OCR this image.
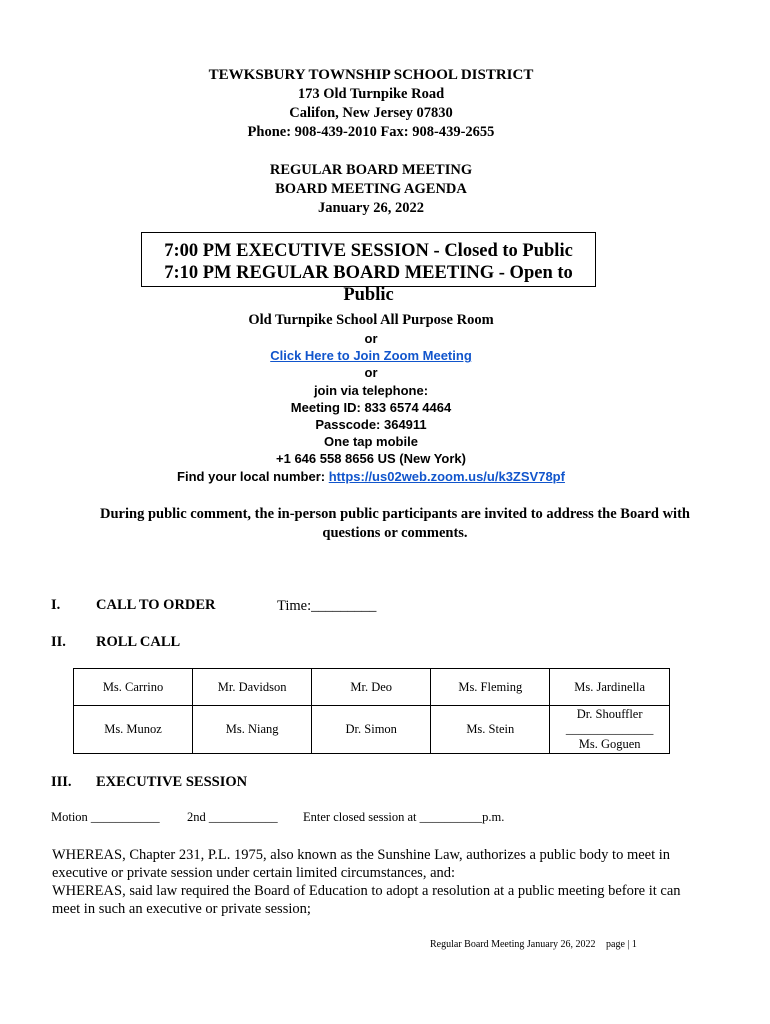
TEWKSBURY TOWNSHIP SCHOOL DISTRICT
173 Old Turnpike Road
Califon, New Jersey 07830
Phone: 908-439-2010 Fax: 908-439-2655
REGULAR BOARD MEETING
BOARD MEETING AGENDA
January 26, 2022
7:00 PM EXECUTIVE SESSION - Closed to Public
7:10 PM REGULAR BOARD MEETING - Open to Public
Old Turnpike School All Purpose Room
or
Click Here to Join Zoom Meeting
or
join via telephone:
Meeting ID: 833 6574 4464
Passcode: 364911
One tap mobile
+1 646 558 8656 US (New York)
Find your local number: https://us02web.zoom.us/u/k3ZSV78pf
During public comment, the in-person public participants are invited to address the Board with questions or comments.
I. CALL TO ORDER	Time:_________
II. ROLL CALL
Ms. Carrino	Mr. Davidson	Mr. Deo	Ms. Fleming	Ms. Jardinella
Ms. Munoz	Ms. Niang	Dr. Simon	Ms. Stein	Dr. Shouffler
______________
Ms. Goguen
III. EXECUTIVE SESSION
Motion ___________ 2nd ___________ Enter closed session at __________p.m.
WHEREAS, Chapter 231, P.L. 1975, also known as the Sunshine Law, authorizes a public body to meet in executive or private session under certain limited circumstances, and:
WHEREAS, said law required the Board of Education to adopt a resolution at a public meeting before it can meet in such an executive or private session;
Regular Board Meeting January 26, 2022 page | 1
